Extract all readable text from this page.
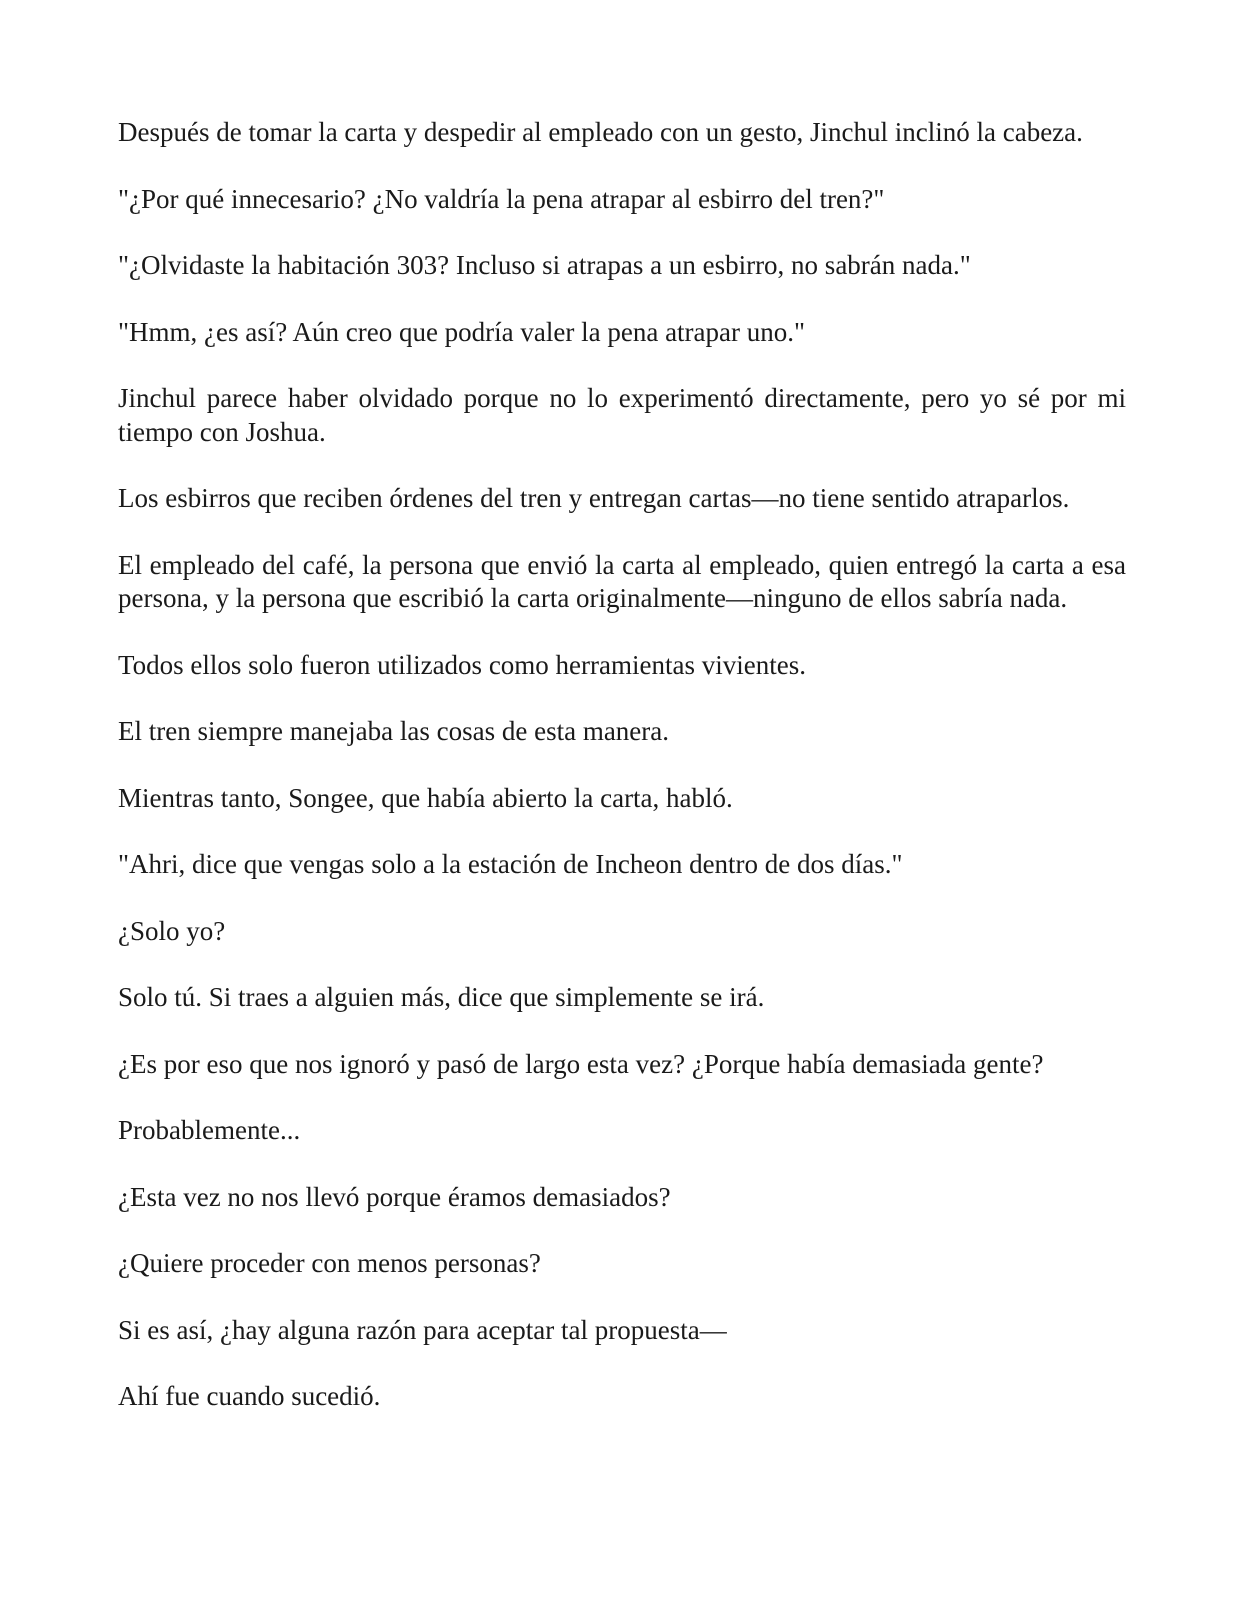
Después de tomar la carta y despedir al empleado con un gesto, Jinchul inclinó la cabeza.

"¿Por qué innecesario? ¿No valdría la pena atrapar al esbirro del tren?"

"¿Olvidaste la habitación 303? Incluso si atrapas a un esbirro, no sabrán nada."

"Hmm, ¿es así? Aún creo que podría valer la pena atrapar uno."

Jinchul parece haber olvidado porque no lo experimentó directamente, pero yo sé por mi tiempo con Joshua.

Los esbirros que reciben órdenes del tren y entregan cartas—no tiene sentido atraparlos.

El empleado del café, la persona que envió la carta al empleado, quien entregó la carta a esa persona, y la persona que escribió la carta originalmente—ninguno de ellos sabría nada.

Todos ellos solo fueron utilizados como herramientas vivientes.

El tren siempre manejaba las cosas de esta manera.

Mientras tanto, Songee, que había abierto la carta, habló.

"Ahri, dice que vengas solo a la estación de Incheon dentro de dos días."

¿Solo yo?

Solo tú. Si traes a alguien más, dice que simplemente se irá.

¿Es por eso que nos ignoró y pasó de largo esta vez? ¿Porque había demasiada gente?

Probablemente...

¿Esta vez no nos llevó porque éramos demasiados?

¿Quiere proceder con menos personas?

Si es así, ¿hay alguna razón para aceptar tal propuesta—

Ahí fue cuando sucedió.
